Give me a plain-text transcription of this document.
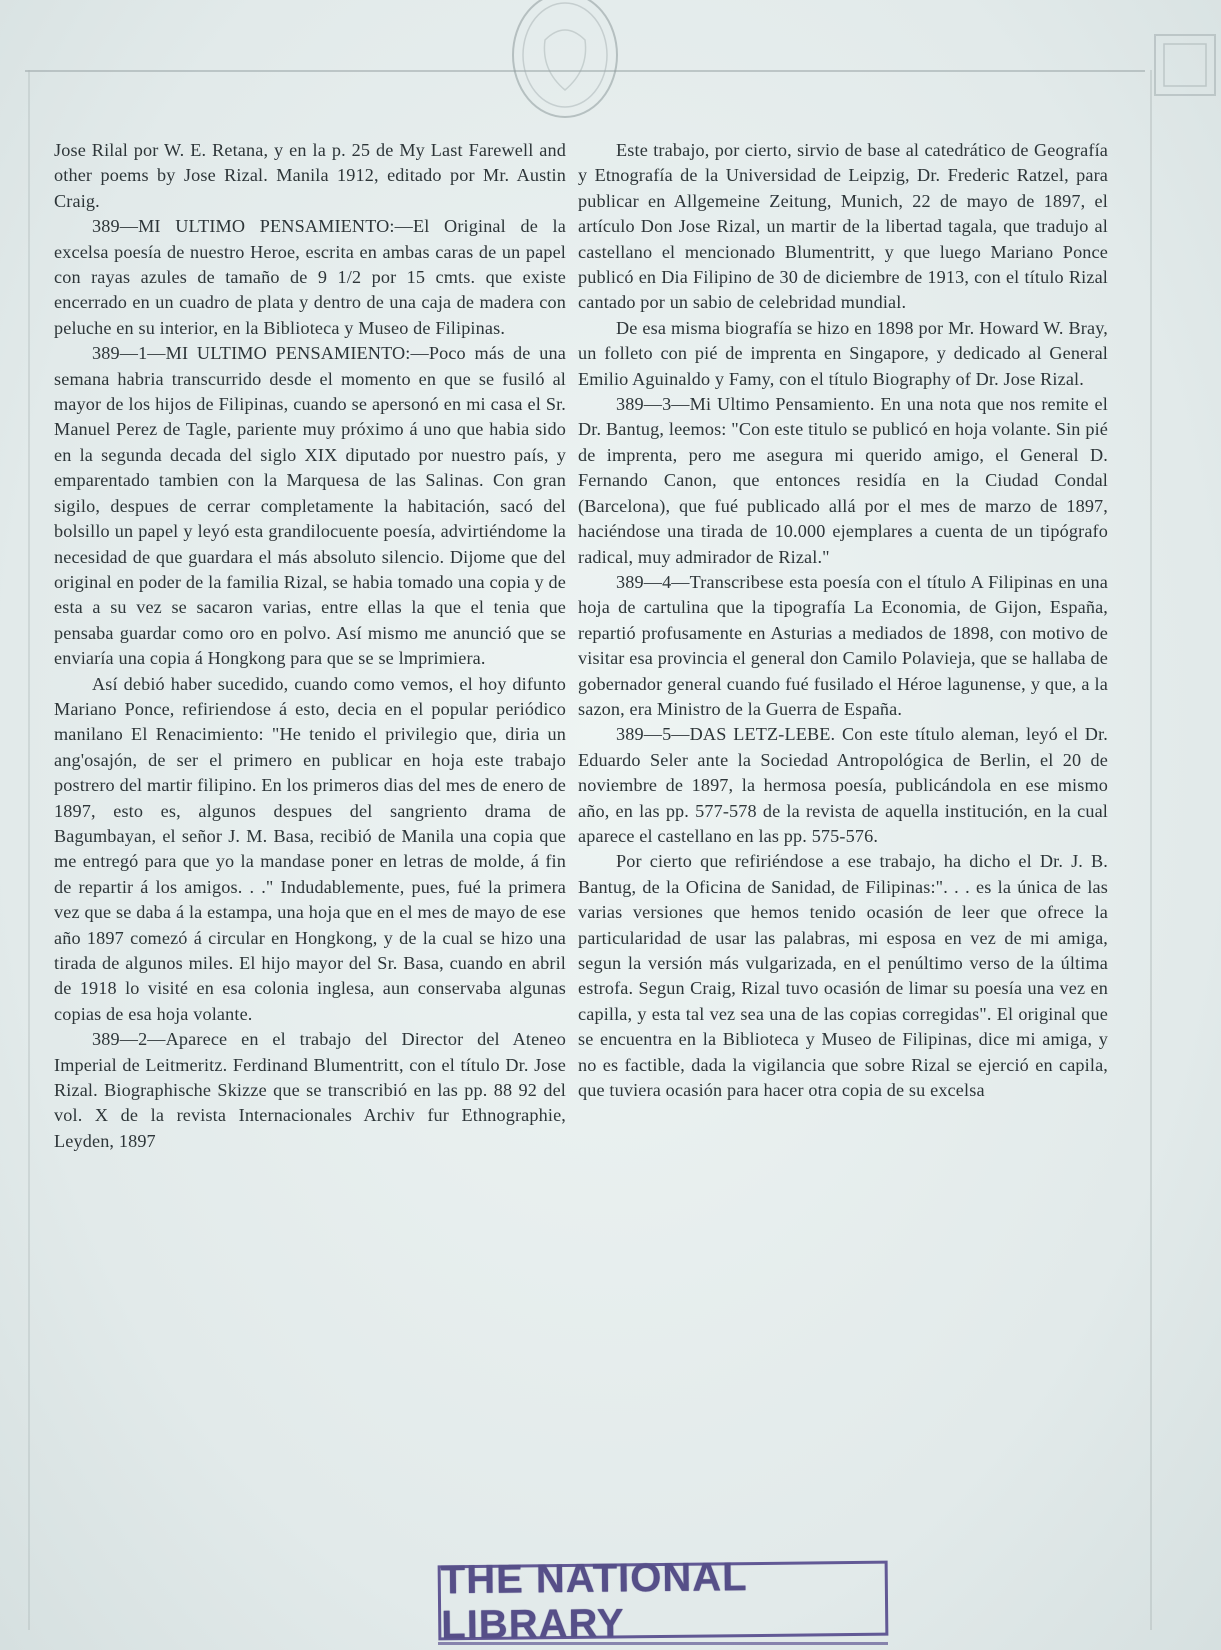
Jose Rilal por W. E. Retana, y en la p. 25 de My Last Farewell and other poems by Jose Rizal. Manila 1912, editado por Mr. Austin Craig.

389—MI ULTIMO PENSAMIENTO:—El Original de la excelsa poesía de nuestro Heroe, escrita en ambas caras de un papel con rayas azules de tamaño de 9 1/2 por 15 cmts. que existe encerrado en un cuadro de plata y dentro de una caja de madera con peluche en su interior, en la Biblioteca y Museo de Filipinas.

389—1—MI ULTIMO PENSAMIENTO:—Poco más de una semana habria transcurrido desde el momento en que se fusiló al mayor de los hijos de Filipinas, cuando se apersonó en mi casa el Sr. Manuel Perez de Tagle, pariente muy próximo á uno que habia sido en la segunda decada del siglo XIX diputado por nuestro país, y emparentado tambien con la Marquesa de las Salinas. Con gran sigilo, despues de cerrar completamente la habitación, sacó del bolsillo un papel y leyó esta grandilocuente poesía, advirtiéndome la necesidad de que guardara el más absoluto silencio. Dijome que del original en poder de la familia Rizal, se habia tomado una copia y de esta a su vez se sacaron varias, entre ellas la que el tenia que pensaba guardar como oro en polvo. Así mismo me anunció que se enviaría una copia á Hongkong para que se se lmprimiera.

Así debió haber sucedido, cuando como vemos, el hoy difunto Mariano Ponce, refiriendose á esto, decia en el popular periódico manilano El Renacimiento: "He tenido el privilegio que, diria un ang'osajón, de ser el primero en publicar en hoja este trabajo postrero del martir filipino. En los primeros dias del mes de enero de 1897, esto es, algunos despues del sangriento drama de Bagumbayan, el señor J. M. Basa, recibió de Manila una copia que me entregó para que yo la mandase poner en letras de molde, á fin de repartir á los amigos. . ." Indudablemente, pues, fué la primera vez que se daba á la estampa, una hoja que en el mes de mayo de ese año 1897 comezó á circular en Hongkong, y de la cual se hizo una tirada de algunos miles. El hijo mayor del Sr. Basa, cuando en abril de 1918 lo visité en esa colonia inglesa, aun conservaba algunas copias de esa hoja volante.

389—2—Aparece en el trabajo del Director del Ateneo Imperial de Leitmeritz. Ferdinand Blumentritt, con el título Dr. Jose Rizal. Biographische Skizze que se transcribió en las pp. 88 92 del vol. X de la revista Internacionales Archiv fur Ethnographie, Leyden, 1897

Este trabajo, por cierto, sirvio de base al catedrático de Geografía y Etnografía de la Universidad de Leipzig, Dr. Frederic Ratzel, para publicar en Allgemeine Zeitung, Munich, 22 de mayo de 1897, el artículo Don Jose Rizal, un martir de la libertad tagala, que tradujo al castellano el mencionado Blumentritt, y que luego Mariano Ponce publicó en Dia Filipino de 30 de diciembre de 1913, con el título Rizal cantado por un sabio de celebridad mundial.

De esa misma biografía se hizo en 1898 por Mr. Howard W. Bray, un folleto con pié de imprenta en Singapore, y dedicado al General Emilio Aguinaldo y Famy, con el título Biography of Dr. Jose Rizal.

389—3—Mi Ultimo Pensamiento. En una nota que nos remite el Dr. Bantug, leemos: "Con este titulo se publicó en hoja volante. Sin pié de imprenta, pero me asegura mi querido amigo, el General D. Fernando Canon, que entonces residía en la Ciudad Condal (Barcelona), que fué publicado allá por el mes de marzo de 1897, haciéndose una tirada de 10.000 ejemplares a cuenta de un tipógrafo radical, muy admirador de Rizal."

389—4—Transcribese esta poesía con el título A Filipinas en una hoja de cartulina que la tipografía La Economia, de Gijon, España, repartió profusamente en Asturias a mediados de 1898, con motivo de visitar esa provincia el general don Camilo Polavieja, que se hallaba de gobernador general cuando fué fusilado el Héroe lagunense, y que, a la sazon, era Ministro de la Guerra de España.

389—5—DAS LETZ-LEBE. Con este título aleman, leyó el Dr. Eduardo Seler ante la Sociedad Antropológica de Berlin, el 20 de noviembre de 1897, la hermosa poesía, publicándola en ese mismo año, en las pp. 577-578 de la revista de aquella institución, en la cual aparece el castellano en las pp. 575-576.

Por cierto que refiriéndose a ese trabajo, ha dicho el Dr. J. B. Bantug, de la Oficina de Sanidad, de Filipinas:". . . es la única de las varias versiones que hemos tenido ocasión de leer que ofrece la particularidad de usar las palabras, mi esposa en vez de mi amiga, segun la versión más vulgarizada, en el penúltimo verso de la última estrofa. Segun Craig, Rizal tuvo ocasión de limar su poesía una vez en capilla, y esta tal vez sea una de las copias corregidas". El original que se encuentra en la Biblioteca y Museo de Filipinas, dice mi amiga, y no es factible, dada la vigilancia que sobre Rizal se ejerció en capila, que tuviera ocasión para hacer otra copia de su excelsa

THE NATIONAL LIBRARY
